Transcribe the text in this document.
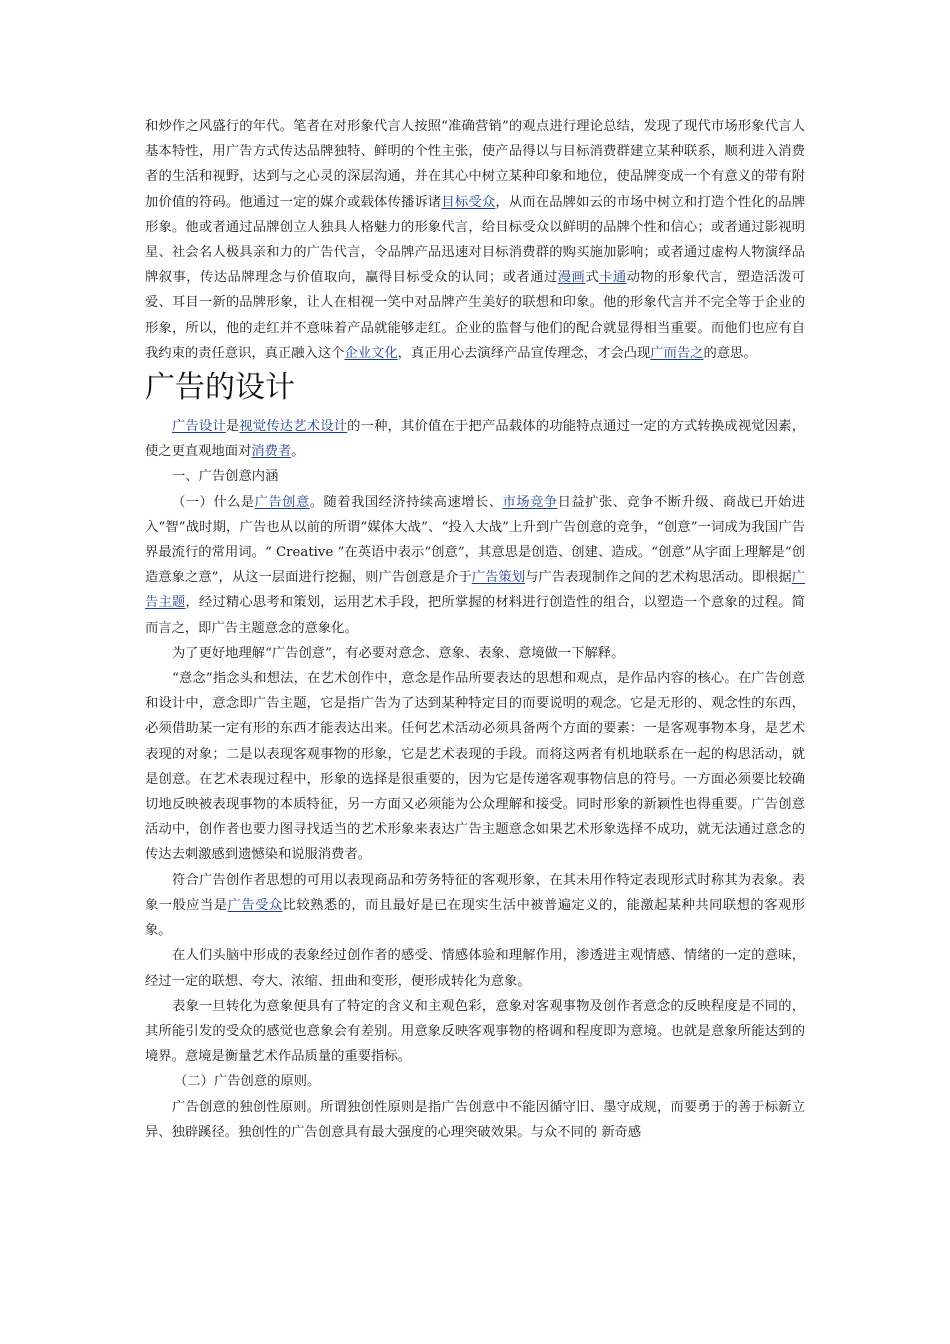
和炒作之风盛行的年代。笔者在对形象代言人按照“准确营销”的观点进行理论总结，发现了现代市场形象代言人基本特性，用广告方式传达品牌独特、鲜明的个性主张，使产品得以与目标消费群建立某种联系，顺利进入消费者的生活和视野，达到与之心灵的深层沟通，并在其心中树立某种印象和地位，使品牌变成一个有意义的带有附加价值的符码。他通过一定的媒介或载体传播诉诸目标受众，从而在品牌如云的市场中树立和打造个性化的品牌形象。他或者通过品牌创立人独具人格魅力的形象代言，给目标受众以鲜明的品牌个性和信心；或者通过影视明星、社会名人极具亲和力的广告代言，令品牌产品迅速对目标消费群的购买施加影响；或者通过虚构人物演绎品牌叙事，传达品牌理念与价值取向，赢得目标受众的认同；或者通过漫画式卡通动物的形象代言，塑造活泼可爱、耳目一新的品牌形象，让人在相视一笑中对品牌产生美好的联想和印象。他的形象代言并不完全等于企业的形象，所以，他的走红并不意味着产品就能够走红。企业的监督与他们的配合就显得相当重要。而他们也应有自我约束的责任意识，真正融入这个企业文化，真正用心去演绎产品宣传理念，才会凸现广而告之的意思。

广告的设计

广告设计是视觉传达艺术设计的一种，其价值在于把产品载体的功能特点通过一定的方式转换成视觉因素，使之更直观地面对消费者。

一、广告创意内涵

（一）什么是广告创意。随着我国经济持续高速增长、市场竞争日益扩张、竞争不断升级、商战已开始进入“智”战时期，广告也从以前的所谓“媒体大战”、“投入大战”上升到广告创意的竞争，“创意”一词成为我国广告界最流行的常用词。“ Creative ”在英语中表示“创意”，其意思是创造、创建、造成。“创意”从字面上理解是“创造意象之意”，从这一层面进行挖掘，则广告创意是介于广告策划与广告表现制作之间的艺术构思活动。即根据广告主题，经过精心思考和策划，运用艺术手段，把所掌握的材料进行创造性的组合，以塑造一个意象的过程。简而言之，即广告主题意念的意象化。

为了更好地理解“广告创意”，有必要对意念、意象、表象、意境做一下解释。

“意念”指念头和想法，在艺术创作中，意念是作品所要表达的思想和观点，是作品内容的核心。在广告创意和设计中，意念即广告主题，它是指广告为了达到某种特定目的而要说明的观念。它是无形的、观念性的东西，必须借助某一定有形的东西才能表达出来。任何艺术活动必须具备两个方面的要素：一是客观事物本身，是艺术表现的对象；二是以表现客观事物的形象，它是艺术表现的手段。而将这两者有机地联系在一起的构思活动，就是创意。在艺术表现过程中，形象的选择是很重要的，因为它是传递客观事物信息的符号。一方面必须要比较确切地反映被表现事物的本质特征，另一方面又必须能为公众理解和接受。同时形象的新颖性也得重要。广告创意活动中，创作者也要力图寻找适当的艺术形象来表达广告主题意念如果艺术形象选择不成功，就无法通过意念的传达去刺激感到遗憾染和说服消费者。

符合广告创作者思想的可用以表现商品和劳务特征的客观形象，在其未用作特定表现形式时称其为表象。表象一般应当是广告受众比较熟悉的，而且最好是已在现实生活中被普遍定义的，能激起某种共同联想的客观形象。

在人们头脑中形成的表象经过创作者的感受、情感体验和理解作用，渗透进主观情感、情绪的一定的意味，经过一定的联想、夸大、浓缩、扭曲和变形，便形成转化为意象。

表象一旦转化为意象便具有了特定的含义和主观色彩，意象对客观事物及创作者意念的反映程度是不同的，其所能引发的受众的感觉也意象会有差别。用意象反映客观事物的格调和程度即为意境。也就是意象所能达到的境界。意境是衡量艺术作品质量的重要指标。

（二）广告创意的原则。

广告创意的独创性原则。所谓独创性原则是指广告创意中不能因循守旧、墨守成规，而要勇于的善于标新立异、独辟蹊径。独创性的广告创意具有最大强度的心理突破效果。与众不同的 新奇感
